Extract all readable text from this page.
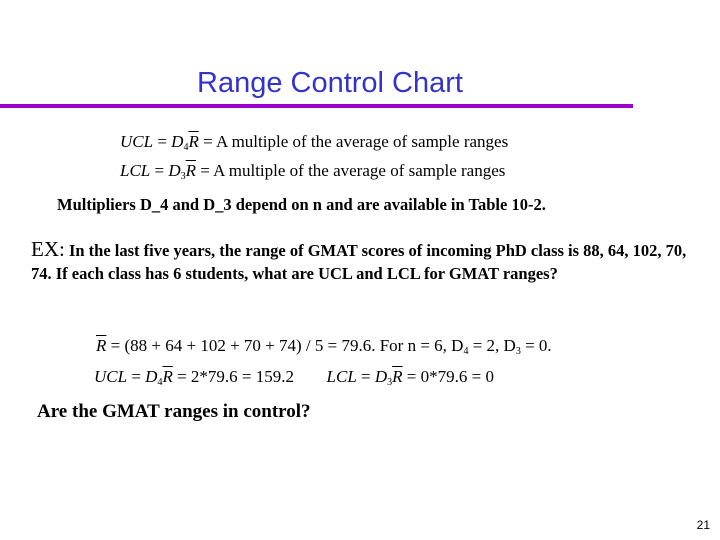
Range Control Chart
UCL = $D_4\overline{R} = A$ multiple of the average of sample ranges
LCL = $D_3\overline{R} = A$ multiple of the average of sample ranges
Multipliers D_4 and D_3 depend on n and are available in Table 10-2.
EX: In the last five years, the range of GMAT scores of incoming PhD class is 88, 64, 102, 70, 74. If each class has 6 students, what are UCL and LCL for GMAT ranges?
$\overline{R} = (88 + 64 + 102 + 70 + 74) / 5 = 79.6$. For n = 6, $D_4 = 2$, $D_3 = 0$.
UCL = $D_4\overline{R} = 2*79.6 = 159.2$ LCL = $D_3\overline{R} = 0*79.6 = 0$
Are the GMAT ranges in control?
21
